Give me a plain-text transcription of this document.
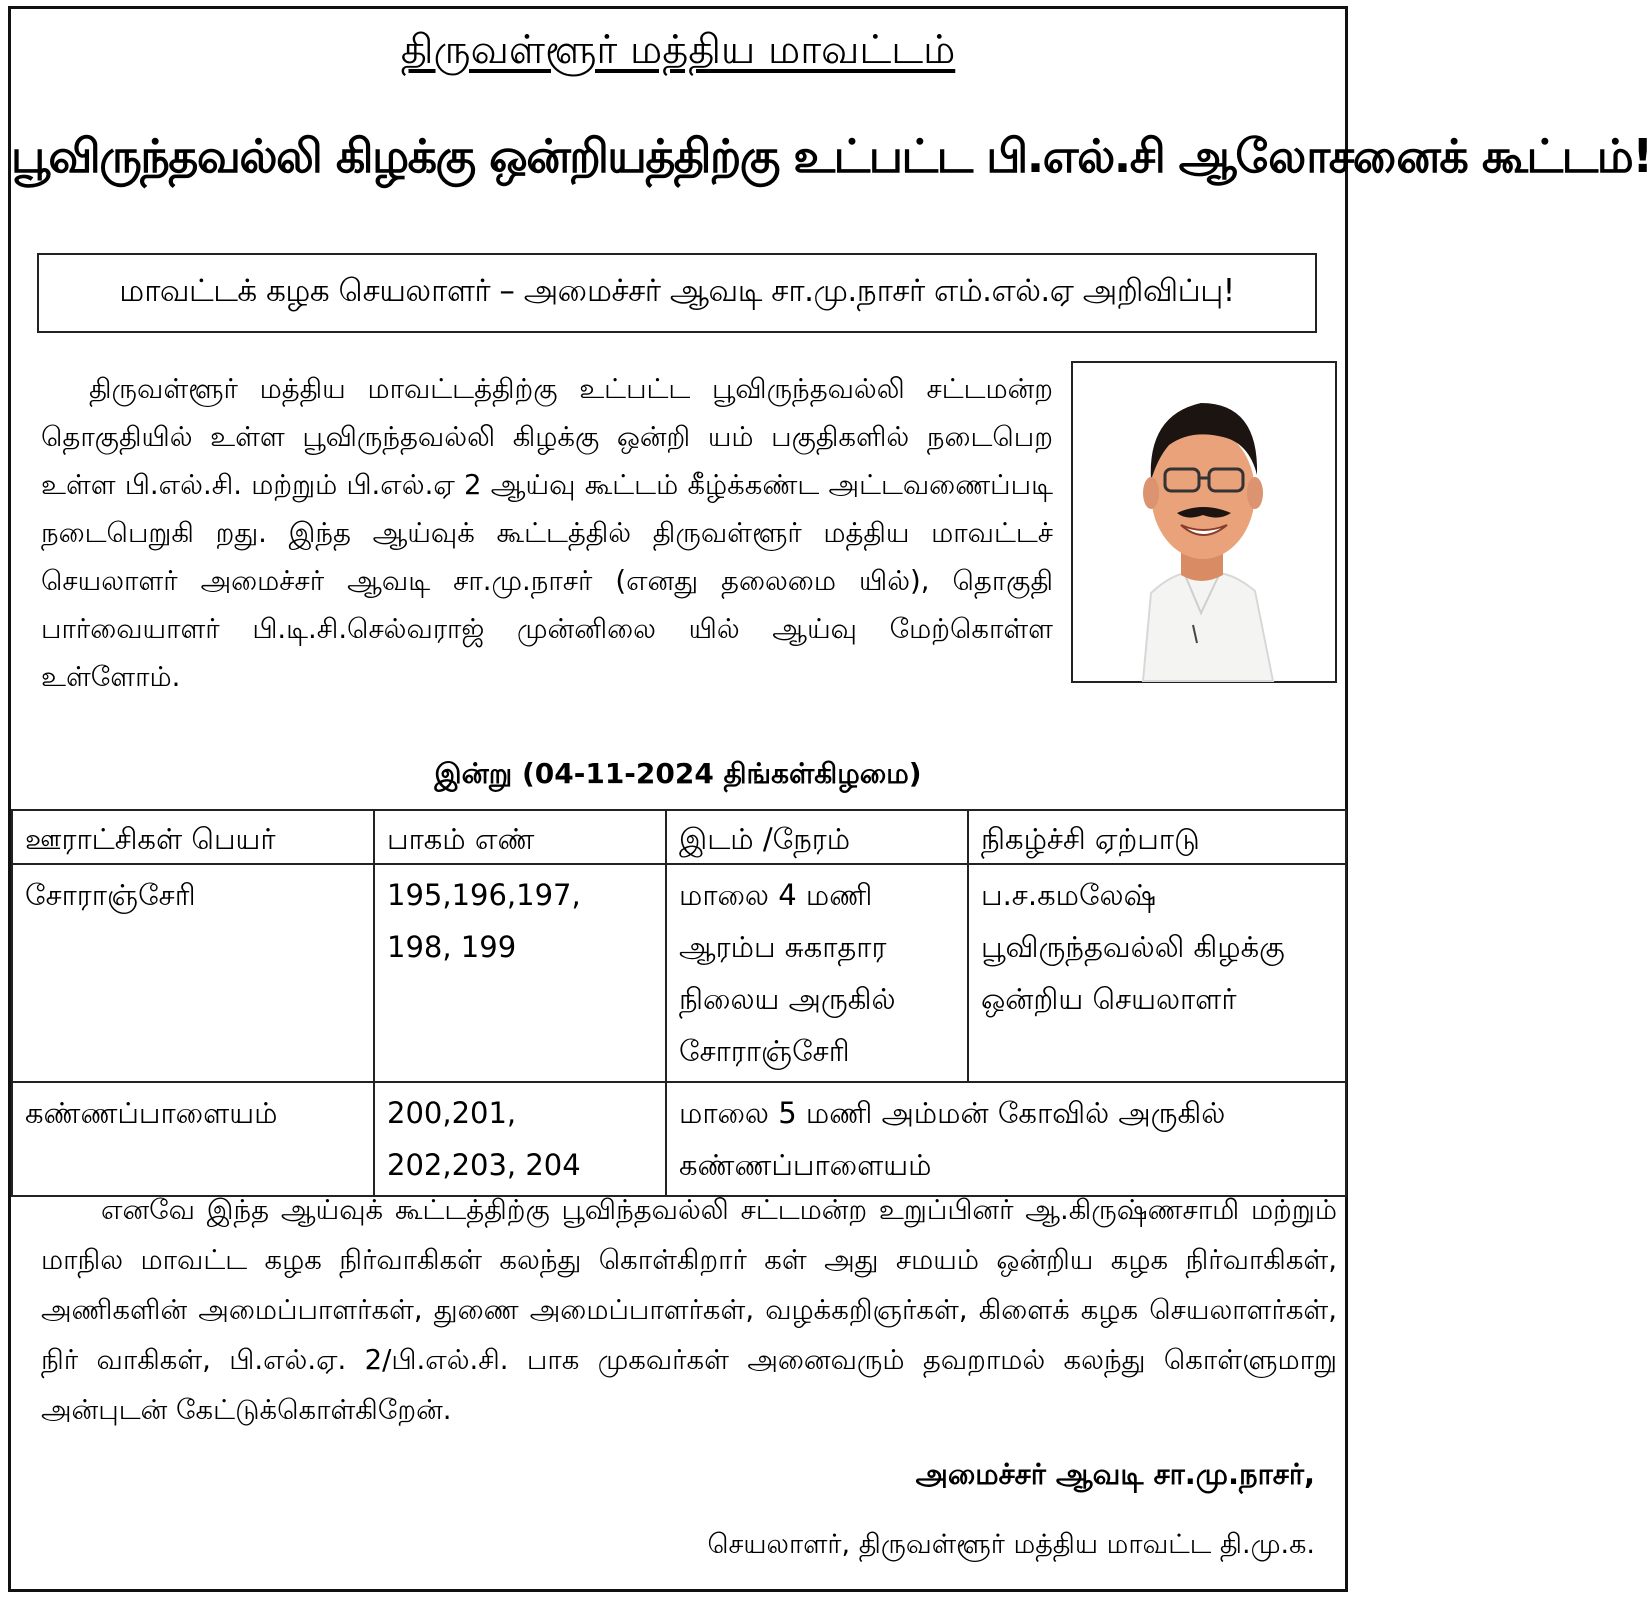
திருவள்ளூர் மத்திய மாவட்டம்
பூவிருந்தவல்லி கிழக்கு ஒன்றியத்திற்கு உட்பட்ட பி.எல்.சி ஆலோசனைக் கூட்டம்!
மாவட்டக் கழக செயலாளர் – அமைச்சர் ஆவடி சா.மு.நாசர் எம்.எல்.ஏ அறிவிப்பு!
திருவள்ளூர் மத்திய மாவட்டத்திற்கு உட்பட்ட பூவிருந்தவல்லி சட்டமன்ற தொகுதியில் உள்ள பூவிருந்தவல்லி கிழக்கு ஒன்றி யம் பகுதிகளில் நடைபெற உள்ள பி.எல்.சி. மற்றும் பி.எல்.ஏ 2 ஆய்வு கூட்டம் கீழ்க்கண்ட அட்டவணைப்படி நடைபெறுகி றது. இந்த ஆய்வுக் கூட்டத்தில் திருவள்ளூர் மத்திய மாவட்டச் செயலாளர் அமைச்சர் ஆவடி சா.மு.நாசர் (எனது தலைமை யில்), தொகுதி பார்வையாளர் பி.டி.சி.செல்வராஜ் முன்னிலை யில் ஆய்வு மேற்கொள்ள உள்ளோம்.
இன்று (04-11-2024 திங்கள்கிழமை)
ஊராட்சிகள் பெயர்	பாகம் எண்	இடம் /நேரம்	நிகழ்ச்சி ஏற்பாடு
சோராஞ்சேரி	195,196,197, 198, 199	மாலை 4 மணி ஆரம்ப சுகாதார நிலைய அருகில் சோராஞ்சேரி	ப.ச.கமலேஷ் பூவிருந்தவல்லி கிழக்கு ஒன்றிய செயலாளர்
கண்ணப்பாளையம்	200,201, 202,203, 204	மாலை 5 மணி அம்மன் கோவில் அருகில் கண்ணப்பாளையம்	
எனவே இந்த ஆய்வுக் கூட்டத்திற்கு பூவிந்தவல்லி சட்டமன்ற உறுப்பினர் ஆ.கிருஷ்ணசாமி மற்றும் மாநில மாவட்ட கழக நிர்வாகிகள் கலந்து கொள்கிறார் கள் அது சமயம் ஒன்றிய கழக நிர்வாகிகள், அணிகளின் அமைப்பாளர்கள், துணை அமைப்பாளர்கள், வழக்கறிஞர்கள், கிளைக் கழக செயலாளர்கள், நிர் வாகிகள், பி.எல்.ஏ. 2/பி.எல்.சி. பாக முகவர்கள் அனைவரும் தவறாமல் கலந்து கொள்ளுமாறு அன்புடன் கேட்டுக்கொள்கிறேன்.
அமைச்சர் ஆவடி சா.மு.நாசர்,
செயலாளர், திருவள்ளூர் மத்திய மாவட்ட தி.மு.க.
